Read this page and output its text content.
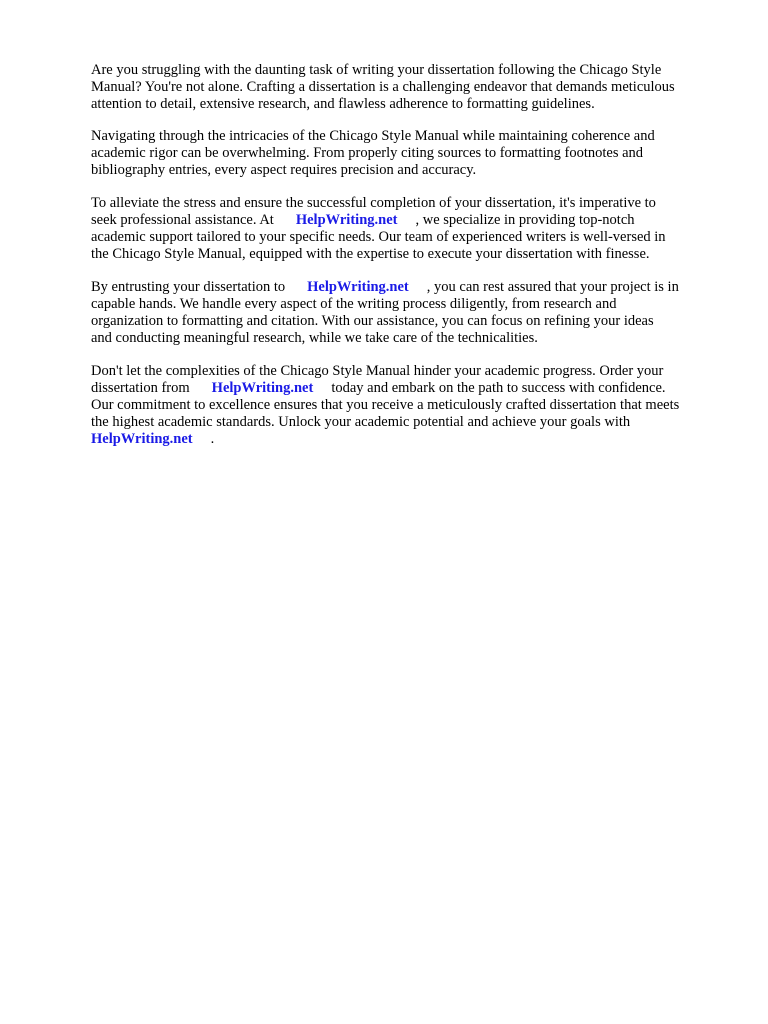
Are you struggling with the daunting task of writing your dissertation following the Chicago Style
Manual? You're not alone. Crafting a dissertation is a challenging endeavor that demands meticulous
attention to detail, extensive research, and flawless adherence to formatting guidelines.

Navigating through the intricacies of the Chicago Style Manual while maintaining coherence and
academic rigor can be overwhelming. From properly citing sources to formatting footnotes and
bibliography entries, every aspect requires precision and accuracy.

To alleviate the stress and ensure the successful completion of your dissertation, it's imperative to
seek professional assistance. At HelpWriting.net , we specialize in providing top-notch
academic support tailored to your specific needs. Our team of experienced writers is well-versed in
the Chicago Style Manual, equipped with the expertise to execute your dissertation with finesse.

By entrusting your dissertation to HelpWriting.net , you can rest assured that your project is in
capable hands. We handle every aspect of the writing process diligently, from research and
organization to formatting and citation. With our assistance, you can focus on refining your ideas
and conducting meaningful research, while we take care of the technicalities.

Don't let the complexities of the Chicago Style Manual hinder your academic progress. Order your
dissertation from HelpWriting.net today and embark on the path to success with confidence.
Our commitment to excellence ensures that you receive a meticulously crafted dissertation that meets
the highest academic standards. Unlock your academic potential and achieve your goals with
HelpWriting.net .
